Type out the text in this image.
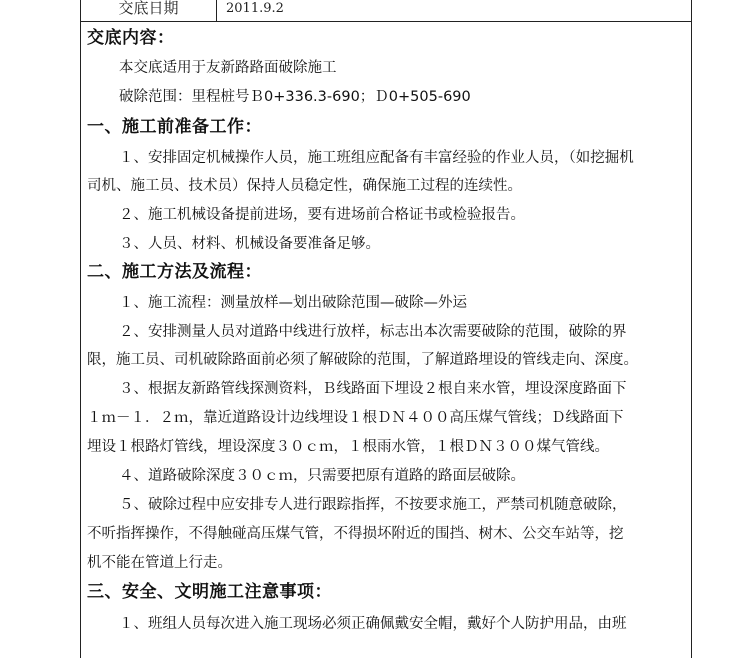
交底日期	2011.9.2
交底内容：
本交底适用于友新路路面破除施工
破除范围：里程桩号Ｂ0+336.3-690；Ｄ0+505-690
一、施工前准备工作：
１、安排固定机械操作人员，施工班组应配备有丰富经验的作业人员，（如挖掘机
司机、施工员、技术员）保持人员稳定性，确保施工过程的连续性。
２、施工机械设备提前进场，要有进场前合格证书或检验报告。
３、人员、材料、机械设备要准备足够。
二、施工方法及流程：
１、施工流程：测量放样—划出破除范围—破除—外运
２、安排测量人员对道路中线进行放样，标志出本次需要破除的范围，破除的界
限，施工员、司机破除路面前必须了解破除的范围，了解道路埋设的管线走向、深度。
３、根据友新路管线探测资料，Ｂ线路面下埋设２根自来水管，埋设深度路面下
１ｍ－１．２ｍ，靠近道路设计边线埋设１根ＤＮ４００高压煤气管线；Ｄ线路面下
埋设１根路灯管线，埋设深度３０ｃｍ，１根雨水管，１根ＤＮ３００煤气管线。
４、道路破除深度３０ｃｍ，只需要把原有道路的路面层破除。
５、破除过程中应安排专人进行跟踪指挥，不按要求施工，严禁司机随意破除，
不听指挥操作，不得触碰高压煤气管，不得损坏附近的围挡、树木、公交车站等，挖
机不能在管道上行走。
三、安全、文明施工注意事项：
１、班组人员每次进入施工现场必须正确佩戴安全帽，戴好个人防护用品，由班
